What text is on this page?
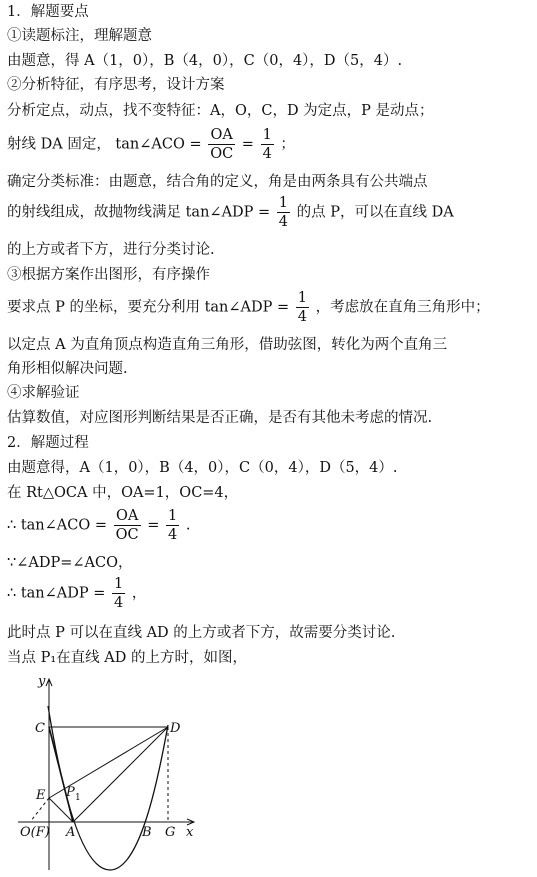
1．解题要点
①读题标注，理解题意
由题意，得 A（1，0），B（4，0），C（0，4），D（5，4）.
②分析特征，有序思考，设计方案
分析定点，动点，找不变特征：A，O，C，D 为定点，P 是动点；
射线 DA 固定， tan∠ACO = $\frac{OA}{OC} = \frac{1}{4}$ ；
确定分类标准：由题意，结合角的定义，角是由两条具有公共端点
的射线组成，故抛物线满足 tan∠ADP = $\frac{1}{4}$ 的点 P，可以在直线 DA
的上方或者下方，进行分类讨论.
③根据方案作出图形，有序操作
要求点 P 的坐标，要充分利用 tan∠ADP = $\frac{1}{4}$ ，考虑放在直角三角形中；
以定点 A 为直角顶点构造直角三角形，借助弦图，转化为两个直角三
角形相似解决问题.
④求解验证
估算数值，对应图形判断结果是否正确，是否有其他未考虑的情况.
2．解题过程
由题意得，A（1，0），B（4，0），C（0，4），D（5，4）.
在 Rt△OCA 中，OA=1，OC=4，
∴ tan∠ACO = $\frac{OA}{OC} = \frac{1}{4}$ .
∵∠ADP=∠ACO，
∴ tan∠ADP = $\frac{1}{4}$ ，
此时点 P 可以在直线 AD 的上方或者下方，故需要分类讨论.
当点 P₁在直线 AD 的上方时，如图，
y
C	D
E P 1
O(F) A	B G x
